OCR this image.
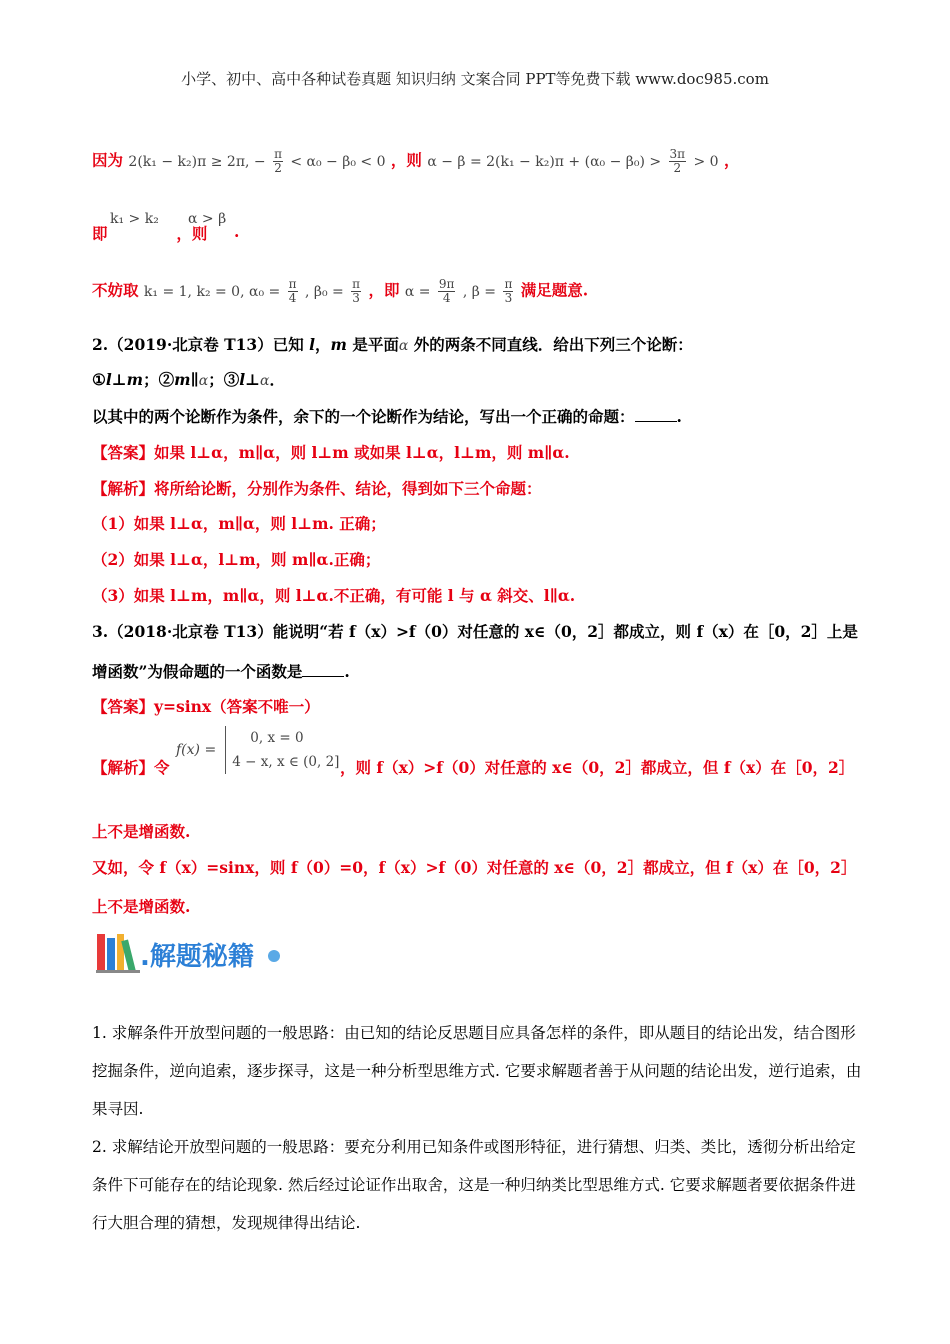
小学、初中、高中各种试卷真题 知识归纳 文案合同 PPT等免费下载 www.doc985.com
因为 2(k₁ − k₂)π ≥ 2π, − $\frac{\pi}{2} < \alpha_0 - \beta_0 < 0$ ，则 $\alpha - \beta = 2(k_1 - k_2)\pi + (\alpha_0 - \beta_0) > \frac{3\pi}{2} > 0$ ，
k₁ > k₂
即	，则
α > β
.
不妨取 k₁ = 1, k₂ = 0, $\alpha_0 = \frac{\pi}{4}$ , $\beta_0 = \frac{\pi}{3}$ ，即 $\alpha = \frac{9\pi}{4}$ , $\beta = \frac{\pi}{3}$ 满足题意.
2.（2019·北京卷 T13）已知 l，m 是平面α 外的两条不同直线．给出下列三个论断：
①l⊥m；②m∥α；③l⊥α．
以其中的两个论断作为条件，余下的一个论断作为结论，写出一个正确的命题：	.
【答案】如果 l⊥α，m∥α，则 l⊥m 或如果 l⊥α，l⊥m，则 m∥α.
【解析】将所给论断，分别作为条件、结论，得到如下三个命题：
（1）如果 l⊥α，m∥α，则 l⊥m. 正确；
（2）如果 l⊥α，l⊥m，则 m∥α.正确；
（3）如果 l⊥m，m∥α，则 l⊥α.不正确，有可能 l 与 α 斜交、l∥α.
3.（2018·北京卷 T13）能说明“若 f（x）>f（0）对任意的 x∈（0，2］都成立，则 f（x）在［0，2］上是
增函数”为假命题的一个函数是	.
【答案】y=sinx（答案不唯一）
【解析】令
f(x) =
0, x = 0
4 − x, x ∈ (0, 2] ，则 f（x）>f（0）对任意的 x∈（0，2］都成立，但 f（x）在［0，2］
上不是增函数.
又如，令 f（x）=sinx，则 f（0）=0，f（x）>f（0）对任意的 x∈（0，2］都成立，但 f（x）在［0，2］
上不是增函数.
.解题秘籍
1. 求解条件开放型问题的一般思路：由已知的结论反思题目应具备怎样的条件，即从题目的结论出发，结合图形挖掘条件，逆向追索，逐步探寻，这是一种分析型思维方式. 它要求解题者善于从问题的结论出发，逆行追索，由果寻因.
2. 求解结论开放型问题的一般思路：要充分利用已知条件或图形特征，进行猜想、归类、类比，透彻分析出给定条件下可能存在的结论现象. 然后经过论证作出取舍，这是一种归纳类比型思维方式. 它要求解题者要依据条件进行大胆合理的猜想，发现规律得出结论.
